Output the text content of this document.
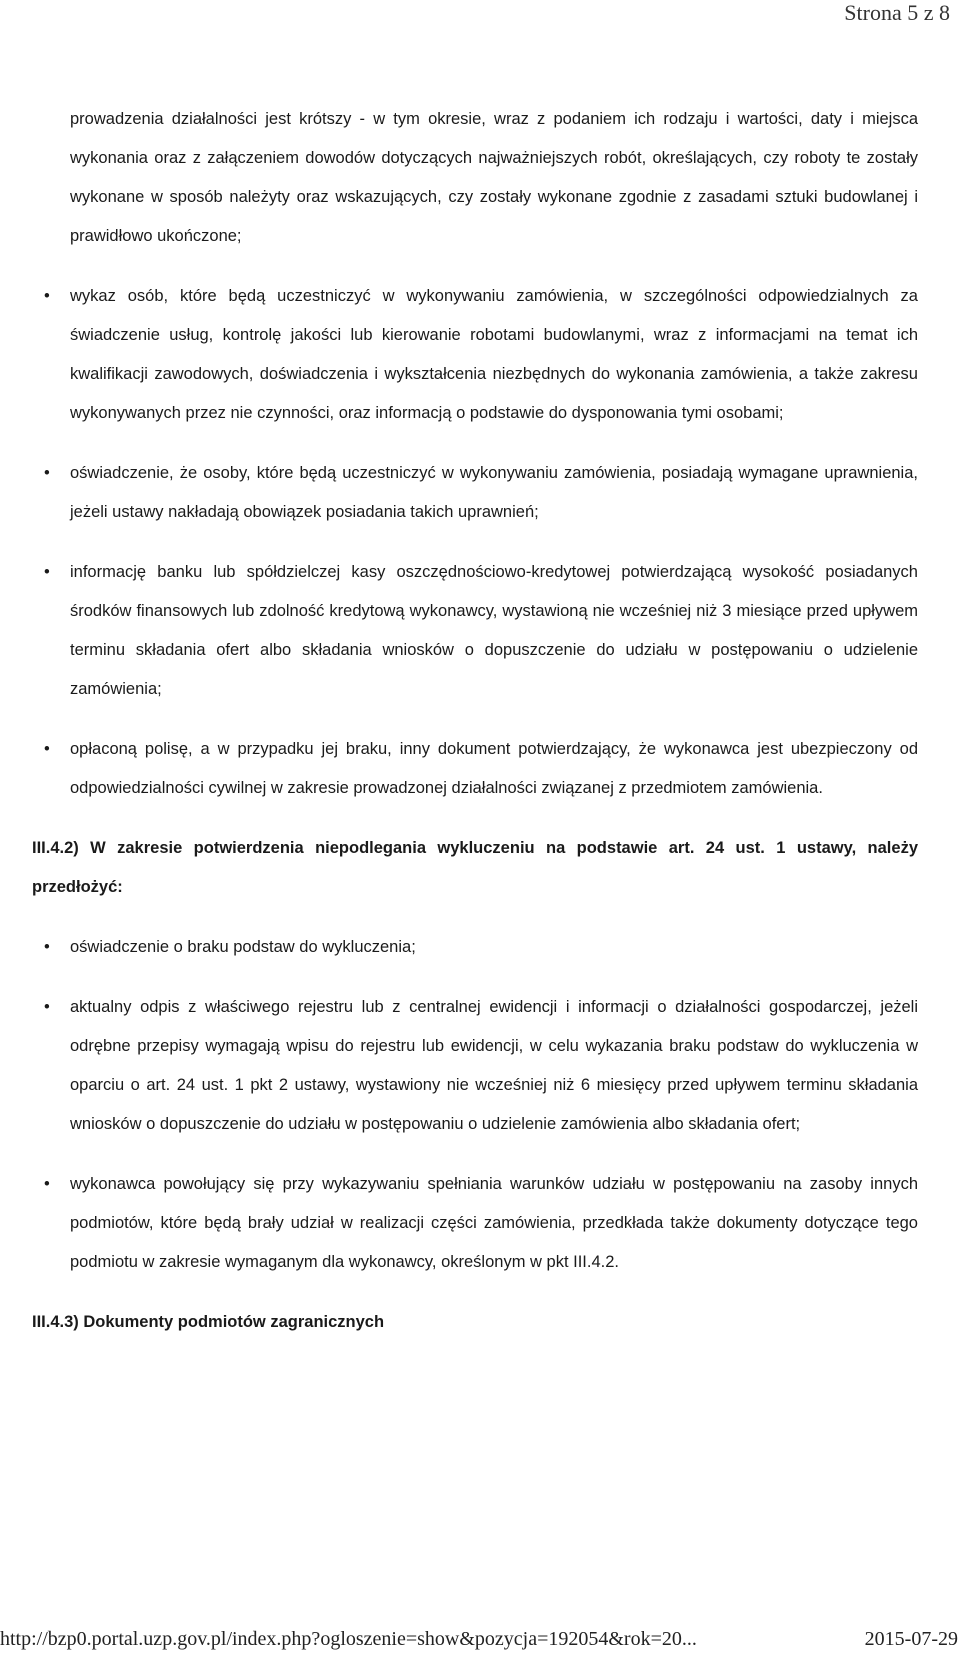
Strona 5 z 8

prowadzenia działalności jest krótszy - w tym okresie, wraz z podaniem ich rodzaju i wartości, daty i miejsca wykonania oraz z załączeniem dowodów dotyczących najważniejszych robót, określających, czy roboty te zostały wykonane w sposób należyty oraz wskazujących, czy zostały wykonane zgodnie z zasadami sztuki budowlanej i prawidłowo ukończone;

• wykaz osób, które będą uczestniczyć w wykonywaniu zamówienia, w szczególności odpowiedzialnych za świadczenie usług, kontrolę jakości lub kierowanie robotami budowlanymi, wraz z informacjami na temat ich kwalifikacji zawodowych, doświadczenia i wykształcenia niezbędnych do wykonania zamówienia, a także zakresu wykonywanych przez nie czynności, oraz informacją o podstawie do dysponowania tymi osobami;

• oświadczenie, że osoby, które będą uczestniczyć w wykonywaniu zamówienia, posiadają wymagane uprawnienia, jeżeli ustawy nakładają obowiązek posiadania takich uprawnień;

• informację banku lub spółdzielczej kasy oszczędnościowo-kredytowej potwierdzającą wysokość posiadanych środków finansowych lub zdolność kredytową wykonawcy, wystawioną nie wcześniej niż 3 miesiące przed upływem terminu składania ofert albo składania wniosków o dopuszczenie do udziału w postępowaniu o udzielenie zamówienia;

• opłaconą polisę, a w przypadku jej braku, inny dokument potwierdzający, że wykonawca jest ubezpieczony od odpowiedzialności cywilnej w zakresie prowadzonej działalności związanej z przedmiotem zamówienia.

III.4.2) W zakresie potwierdzenia niepodlegania wykluczeniu na podstawie art. 24 ust. 1 ustawy, należy przedłożyć:
• oświadczenie o braku podstaw do wykluczenia;

• aktualny odpis z właściwego rejestru lub z centralnej ewidencji i informacji o działalności gospodarczej, jeżeli odrębne przepisy wymagają wpisu do rejestru lub ewidencji, w celu wykazania braku podstaw do wykluczenia w oparciu o art. 24 ust. 1 pkt 2 ustawy, wystawiony nie wcześniej niż 6 miesięcy przed upływem terminu składania wniosków o dopuszczenie do udziału w postępowaniu o udzielenie zamówienia albo składania ofert;

• wykonawca powołujący się przy wykazywaniu spełniania warunków udziału w postępowaniu na zasoby innych podmiotów, które będą brały udział w realizacji części zamówienia, przedkłada także dokumenty dotyczące tego podmiotu w zakresie wymaganym dla wykonawcy, określonym w pkt III.4.2.

III.4.3) Dokumenty podmiotów zagranicznych
http://bzp0.portal.uzp.gov.pl/index.php?ogloszenie=show&pozycja=192054&rok=20...	2015-07-29
